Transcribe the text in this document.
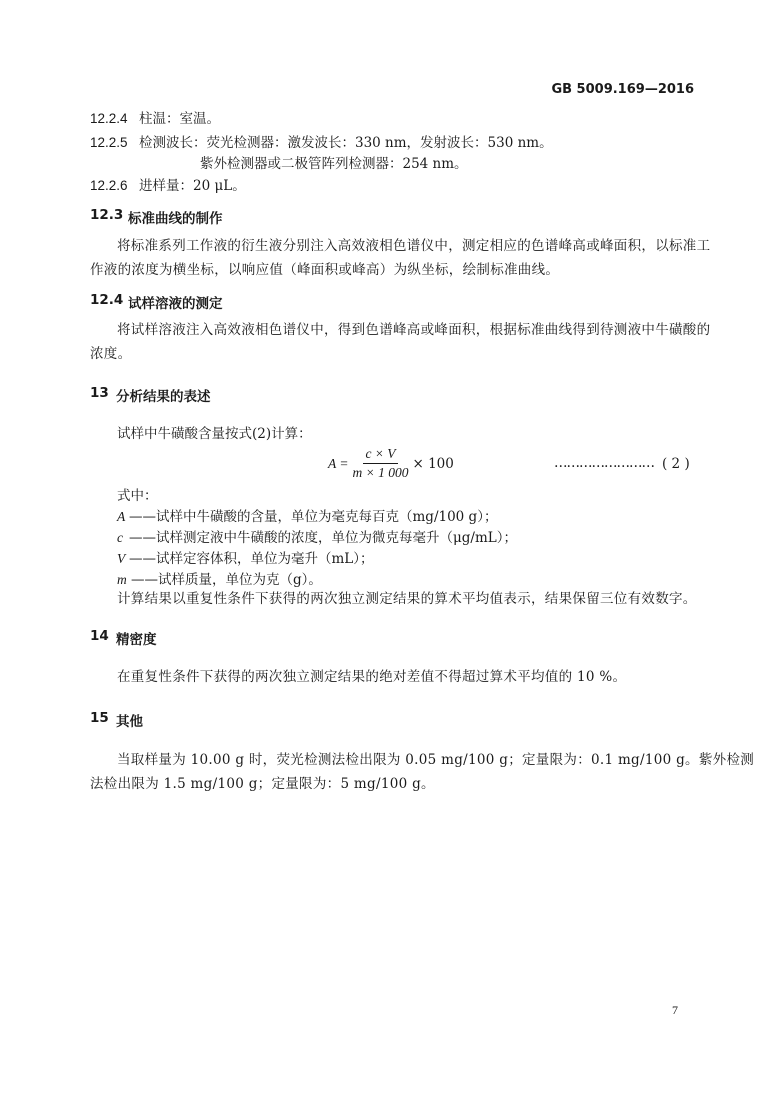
GB 5009.169—2016
12.2.4 柱温：室温。
12.2.5 检测波长：荧光检测器：激发波长：330 nm，发射波长：530 nm。
紫外检测器或二极管阵列检测器：254 nm。
12.2.6 进样量：20 μL。
12.3 标准曲线的制作
将标准系列工作液的衍生液分别注入高效液相色谱仪中，测定相应的色谱峰高或峰面积，以标准工
作液的浓度为横坐标，以响应值（峰面积或峰高）为纵坐标，绘制标准曲线。
12.4 试样溶液的测定
将试样溶液注入高效液相色谱仪中，得到色谱峰高或峰面积，根据标准曲线得到待测液中牛磺酸的
浓度。
13 分析结果的表述
试样中牛磺酸含量按式(2)计算：
$A = \frac{c \times V}{m \times 1 000} \times 100$	…………………… ( 2 )
式中：
A ——试样中牛磺酸的含量，单位为毫克每百克（mg/100 g）；
c ——试样测定液中牛磺酸的浓度，单位为微克每毫升（μg/mL）；
V ——试样定容体积，单位为毫升（mL）；
m ——试样质量，单位为克（g）。
计算结果以重复性条件下获得的两次独立测定结果的算术平均值表示，结果保留三位有效数字。
14 精密度
在重复性条件下获得的两次独立测定结果的绝对差值不得超过算术平均值的 10 %。
15 其他
当取样量为 10.00 g 时，荧光检测法检出限为 0.05 mg/100 g；定量限为：0.1 mg/100 g。紫外检测
法检出限为 1.5 mg/100 g；定量限为：5 mg/100 g。
7
